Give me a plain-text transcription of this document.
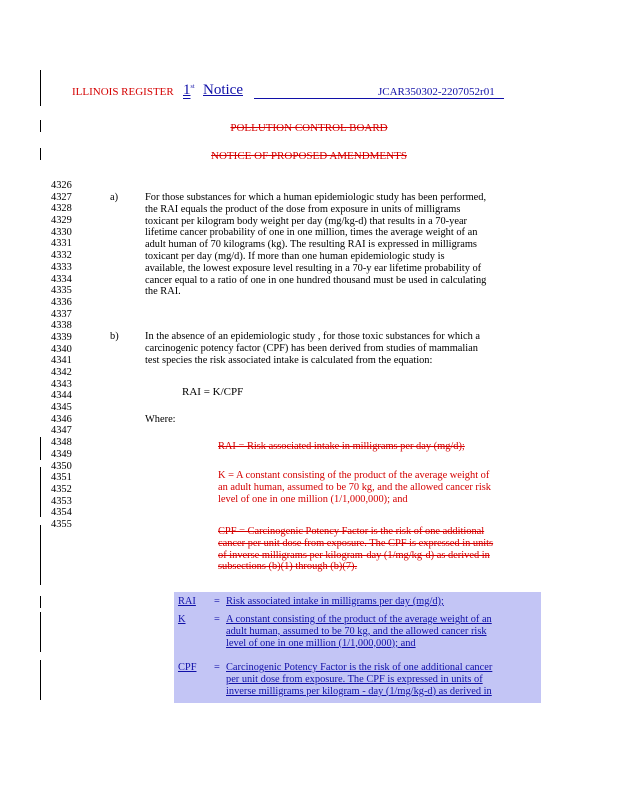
ILLINOIS REGISTER 1st Notice	JCAR350302-2207052r01
POLLUTION CONTROL BOARD
NOTICE OF PROPOSED AMENDMENTS
4326
4327
4328
4329
4330
4331
4332
4333
4334
4335
4336
4337
4338
4339
4340
4341
4342
4343
4344
4345
4346
4347
4348
4349
4350
4351
4352
4353
4354
4355
a)	For those substances for which a human epidemiologic study has been performed,
the RAI equals the product of the dose from exposure in units of milligrams
toxicant per kilogram body weight per day (mg/kg-d) that results in a 70-year
lifetime cancer probability of one in one million, times the average weight of an
adult human of 70 kilograms (kg). The resulting RAI is expressed in milligrams
toxicant per day (mg/d). If more than one human epidemiologic study is
available, the lowest exposure level resulting in a 70-y ear lifetime probability of
cancer equal to a ratio of one in one hundred thousand must be used in calculating
the RAI.
b)	In the absence of an epidemiologic study , for those toxic substances for which a
carcinogenic potency factor (CPF) has been derived from studies of mammalian
test species the risk associated intake is calculated from the equation:
RAI = K/CPF
Where:
RAI = Risk associated intake in milligrams per day (mg/d);
K = A constant consisting of the product of the average weight of
an adult human, assumed to be 70 kg, and the allowed cancer risk
level of one in one million (1/1,000,000); and
CPF = Carcinogenic Potency Factor is the risk of one additional
cancer per unit dose from exposure. The CPF is expressed in units
of inverse milligrams per kilogram-day (1/mg/kg-d) as derived in
subsections (b)(1) through (b)(7).
RAI = Risk associated intake in milligrams per day (mg/d);
K	= A constant consisting of the product of the average weight of an
adult human, assumed to be 70 kg, and the allowed cancer risk
level of one in one million (1/1,000,000); and
CPF = Carcinogenic Potency Factor is the risk of one additional cancer
per unit dose from exposure. The CPF is expressed in units of
inverse milligrams per kilogram - day (1/mg/kg-d) as derived in
